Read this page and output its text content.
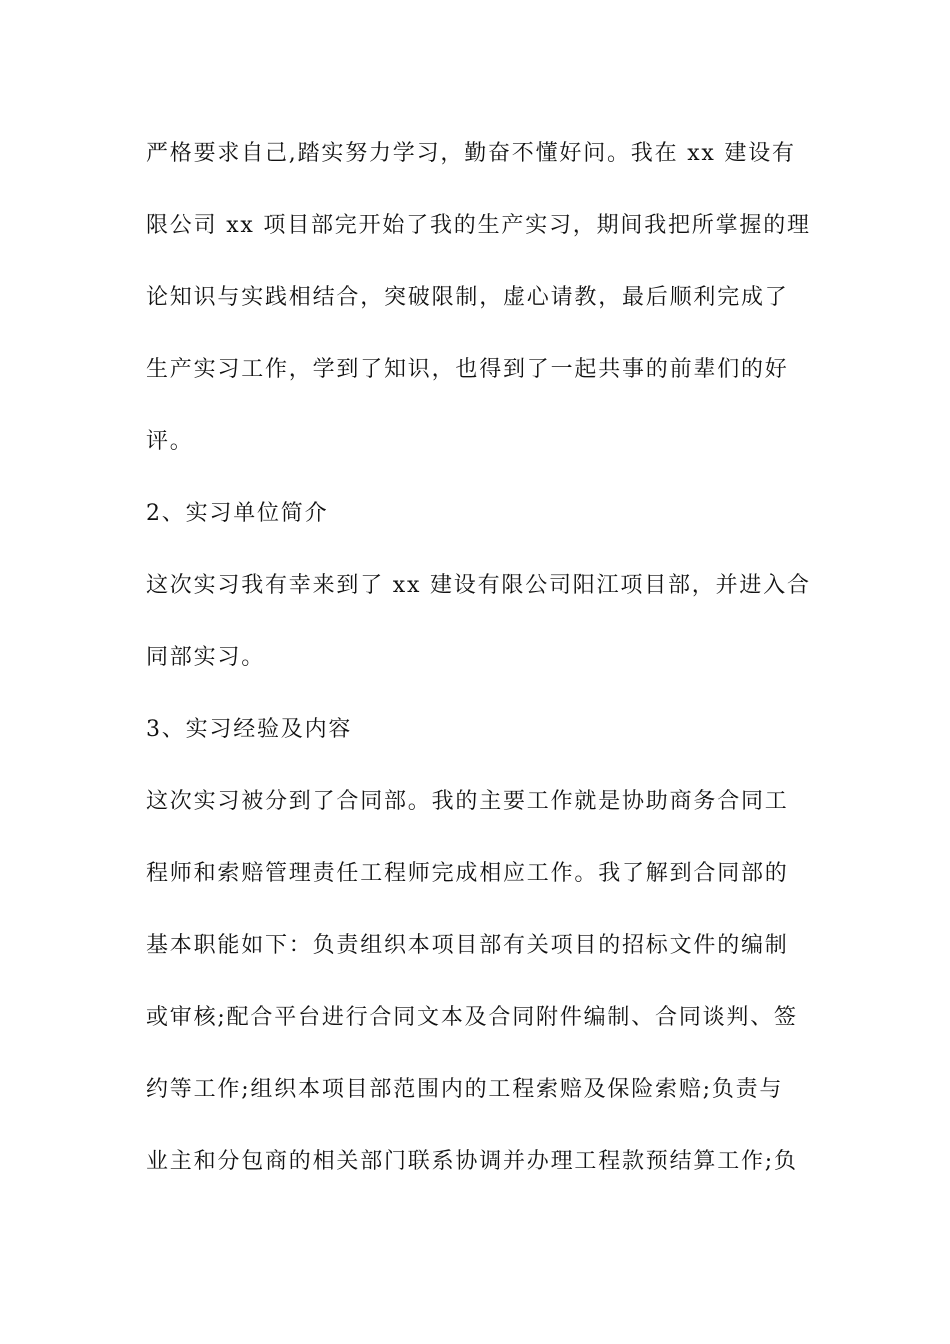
严格要求自己,踏实努力学习，勤奋不懂好问。我在 xx 建设有
限公司 xx 项目部完开始了我的生产实习，期间我把所掌握的理
论知识与实践相结合，突破限制，虚心请教，最后顺利完成了
生产实习工作，学到了知识，也得到了一起共事的前辈们的好
评。
2、实习单位简介
这次实习我有幸来到了 xx 建设有限公司阳江项目部，并进入合
同部实习。
3、实习经验及内容
这次实习被分到了合同部。我的主要工作就是协助商务合同工
程师和索赔管理责任工程师完成相应工作。我了解到合同部的
基本职能如下：负责组织本项目部有关项目的招标文件的编制
或审核;配合平台进行合同文本及合同附件编制、合同谈判、签
约等工作;组织本项目部范围内的工程索赔及保险索赔;负责与
业主和分包商的相关部门联系协调并办理工程款预结算工作;负
